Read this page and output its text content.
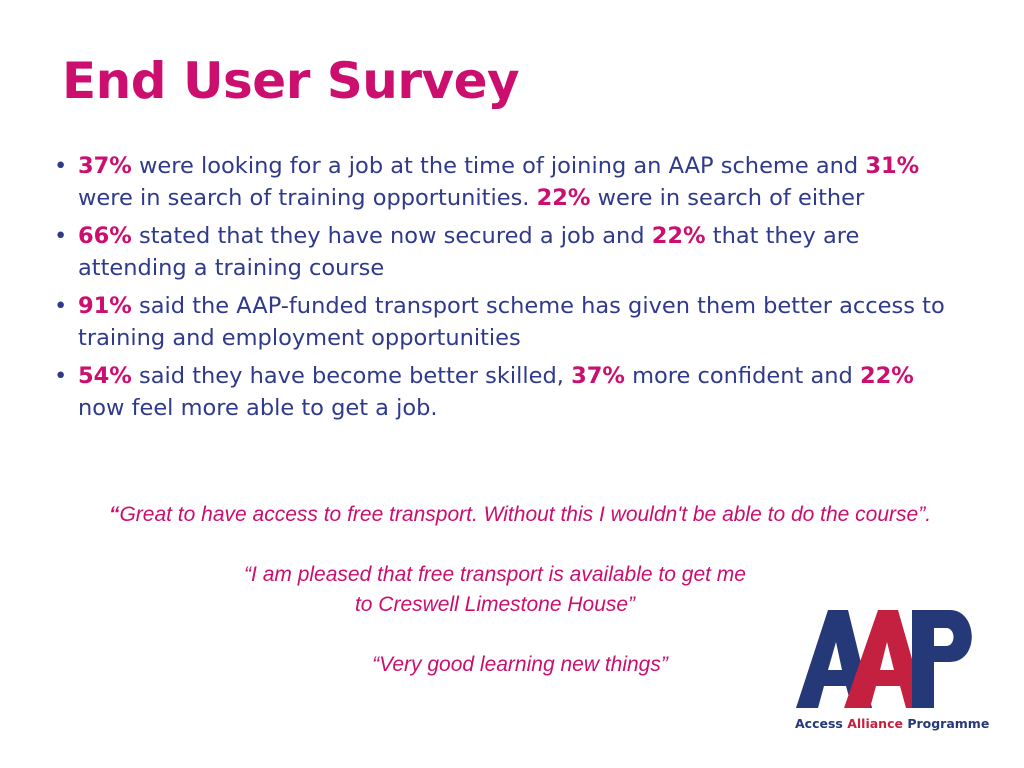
End User Survey
• 37% were looking for a job at the time of joining an AAP scheme and 31% were in search of training opportunities. 22% were in search of either
• 66% stated that they have now secured a job and 22% that they are attending a training course
• 91% said the AAP-funded transport scheme has given them better access to training and employment opportunities
• 54% said they have become better skilled, 37% more confident and 22% now feel more able to get a job.

“Great to have access to free transport. Without this I wouldn't be able to do the course”.

“I am pleased that free transport is available to get me
to Creswell Limestone House”

“Very good learning new things”

Access Alliance Programme
